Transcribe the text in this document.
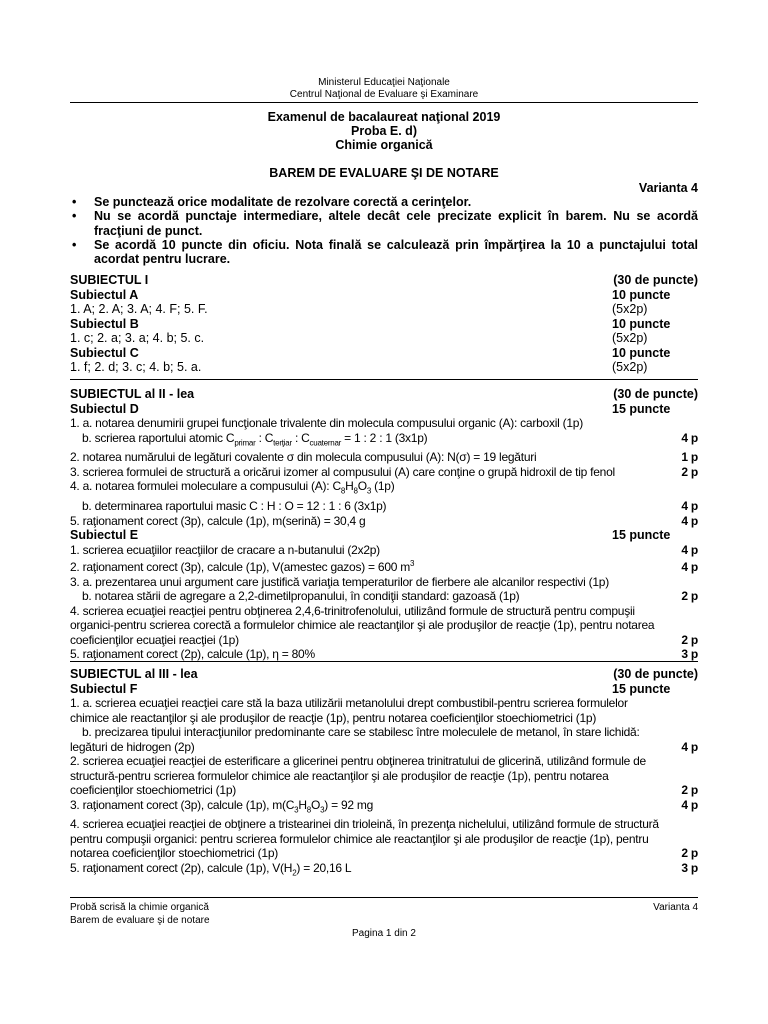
Ministerul Educaţiei Naţionale
Centrul Naţional de Evaluare şi Examinare
Examenul de bacalaureat naţional 2019
Proba E. d)
Chimie organică
BAREM DE EVALUARE ŞI DE NOTARE
Varianta 4
•	Se punctează orice modalitate de rezolvare corectă a cerinţelor.
•	Nu se acordă punctaje intermediare, altele decât cele precizate explicit în barem. Nu se acordă fracţiuni de punct.
•	Se acordă 10 puncte din oficiu. Nota finală se calculează prin împărţirea la 10 a punctajului total acordat pentru lucrare.
SUBIECTUL I	(30 de puncte)
Subiectul A	10 puncte
1. A; 2. A; 3. A; 4. F; 5. F.	(5x2p)
Subiectul B	10 puncte
1. c; 2. a; 3. a; 4. b; 5. c.	(5x2p)
Subiectul C	10 puncte
1. f; 2. d; 3. c; 4. b; 5. a.	(5x2p)
SUBIECTUL al II - lea	(30 de puncte)
Subiectul D	15 puncte
1. a. notarea denumirii grupei funcţionale trivalente din molecula compusului organic (A): carboxil (1p)
b. scrierea raportului atomic $C_{primar}$ : $C_{terţiar}$ : $C_{cuaternar} = 1$ : 2 : 1 (3x1p)	4 p
2. notarea numărului de legături covalente σ din molecula compusului (A): N(σ) = 19 legături	1 p
3. scrierea formulei de structură a oricărui izomer al compusului (A) care conţine o grupă hidroxil de tip fenol	2 p
4. a. notarea formulei moleculare a compusului (A): $C_8H_8O_3$ (1p)
b. determinarea raportului masic C : H : O = 12 : 1 : 6 (3x1p)	4 p
5. raţionament corect (3p), calcule (1p), m(serină) = 30,4 g	4 p
Subiectul E	15 puncte
1. scrierea ecuaţiilor reacţiilor de cracare a n-butanului (2x2p)	4 p
2. raţionament corect (3p), calcule (1p), V(amestec gazos) = 600 $m^3$	4 p
3. a. prezentarea unui argument care justifică variaţia temperaturilor de fierbere ale alcanilor respectivi (1p)
b. notarea stării de agregare a 2,2-dimetilpropanului, în condiţii standard: gazoasă (1p)	2 p
4. scrierea ecuaţiei reacţiei pentru obţinerea 2,4,6-trinitrofenolului, utilizând formule de structură pentru compuşii
organici-pentru scrierea corectă a formulelor chimice ale reactanţilor şi ale produşilor de reacţie (1p), pentru notarea
coeficienţilor ecuaţiei reacţiei (1p)	2 p
5. raţionament corect (2p), calcule (1p), η = 80%	3 p
SUBIECTUL al III - lea	(30 de puncte)
Subiectul F	15 puncte
1. a. scrierea ecuaţiei reacţiei care stă la baza utilizării metanolului drept combustibil-pentru scrierea formulelor
chimice ale reactanţilor şi ale produşilor de reacţie (1p), pentru notarea coeficienţilor stoechiometrici (1p)
b. precizarea tipului interacţiunilor predominante care se stabilesc între moleculele de metanol, în stare lichidă:
legături de hidrogen (2p)	4 p
2. scrierea ecuaţiei reacţiei de esterificare a glicerinei pentru obţinerea trinitratului de glicerină, utilizând formule de
structură-pentru scrierea formulelor chimice ale reactanţilor şi ale produşilor de reacţie (1p), pentru notarea
coeficienţilor stoechiometrici (1p)	2 p
3. raţionament corect (3p), calcule (1p), $m(C_3H_8O_3) = 92$ mg	4 p
4. scrierea ecuaţiei reacţiei de obţinere a tristearinei din trioleină, în prezenţa nichelului, utilizând formule de structură
pentru compuşii organici: pentru scrierea formulelor chimice ale reactanţilor şi ale produşilor de reacţie (1p), pentru
notarea coeficienţilor stoechiometrici (1p)	2 p
5. raţionament corect (2p), calcule (1p), $V(H_2) = 20,16$ L	3 p
Probă scrisă la chimie organică
Barem de evaluare şi de notare
Varianta 4
Pagina 1 din 2
